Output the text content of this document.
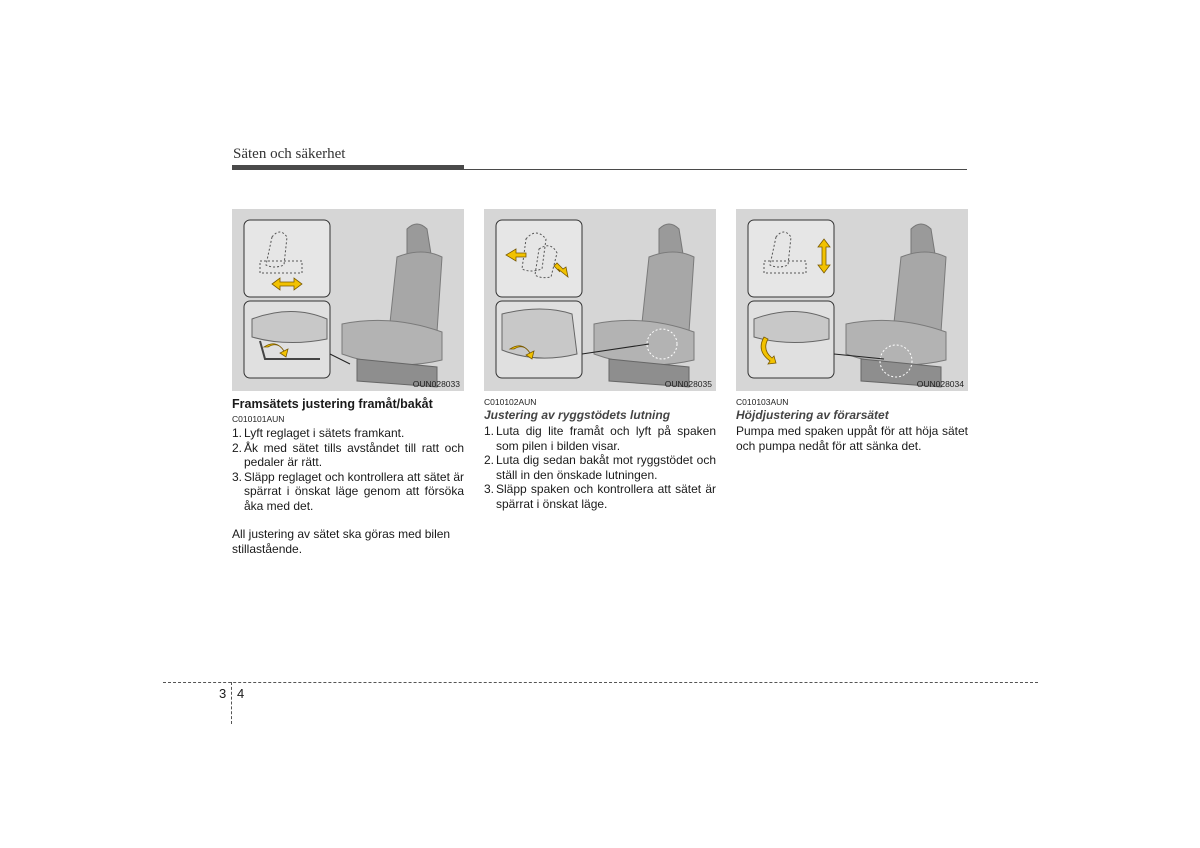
Säten och säkerhet
OUN028033
Framsätets justering framåt/bakåt
C010101AUN
1. Lyft reglaget i sätets framkant.
2. Åk med sätet tills avståndet till ratt och pedaler är rätt.
3. Släpp reglaget och kontrollera att sätet är spärrat i önskat läge genom att försöka åka med det.
All justering av sätet ska göras med bilen stillastående.
OUN028035
C010102AUN
Justering av ryggstödets lutning
1. Luta dig lite framåt och lyft på spaken som pilen i bilden visar.
2. Luta dig sedan bakåt mot ryggstödet och ställ in den önskade lutningen.
3. Släpp spaken och kontrollera att sätet är spärrat i önskat läge.
OUN028034
C010103AUN
Höjdjustering av förarsätet
Pumpa med spaken uppåt för att höja sätet och pumpa nedåt för att sänka det.
3 4
